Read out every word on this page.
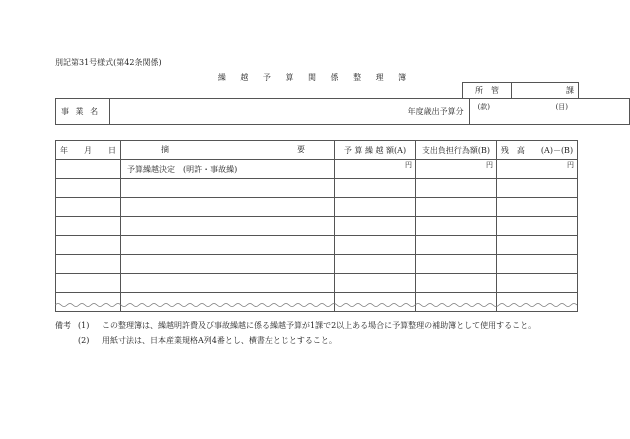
別記第31号様式(第42条関係)
繰 越 予 算 関 係 整 理 簿
所　管	課
事 業 名	年度歳出予算分	(款)	(目)
年　　月　　日	摘 要	予 算 繰 越 額(A)	支出負担行為額(B)	残　高　　(A)－(B)
	予算繰越決定　(明許・事故繰)	円	円	円

備考 (1)	この整理簿は、繰越明許費及び事故繰越に係る繰越予算が1課で2以上ある場合に予算整理の補助簿として使用すること。
(2)	用紙寸法は、日本産業規格A列4番とし、横書左とじとすること。
